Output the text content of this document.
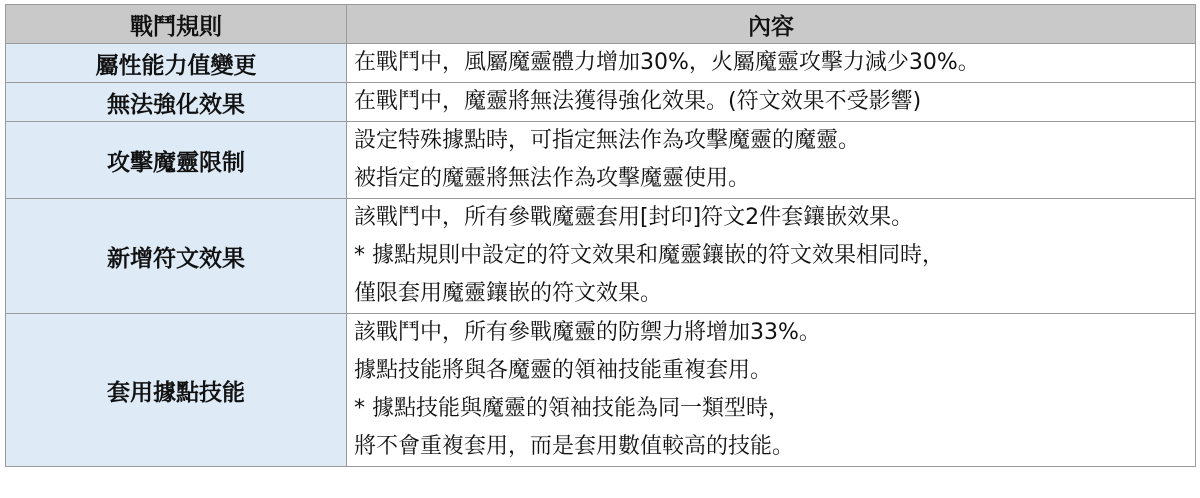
戰鬥規則	內容
屬性能力值變更	在戰鬥中，風屬魔靈體力增加30%，火屬魔靈攻擊力減少30%。

無法強化效果	在戰鬥中，魔靈將無法獲得強化效果。(符文效果不受影響)

攻擊魔靈限制	設定特殊據點時，可指定無法作為攻擊魔靈的魔靈。
被指定的魔靈將無法作為攻擊魔靈使用。

新增符文效果	該戰鬥中，所有參戰魔靈套用[封印]符文2件套鑲嵌效果。
* 據點規則中設定的符文效果和魔靈鑲嵌的符文效果相同時，
僅限套用魔靈鑲嵌的符文效果。

套用據點技能	該戰鬥中，所有參戰魔靈的防禦力將增加33%。
據點技能將與各魔靈的領袖技能重複套用。
* 據點技能與魔靈的領袖技能為同一類型時，
將不會重複套用，而是套用數值較高的技能。
